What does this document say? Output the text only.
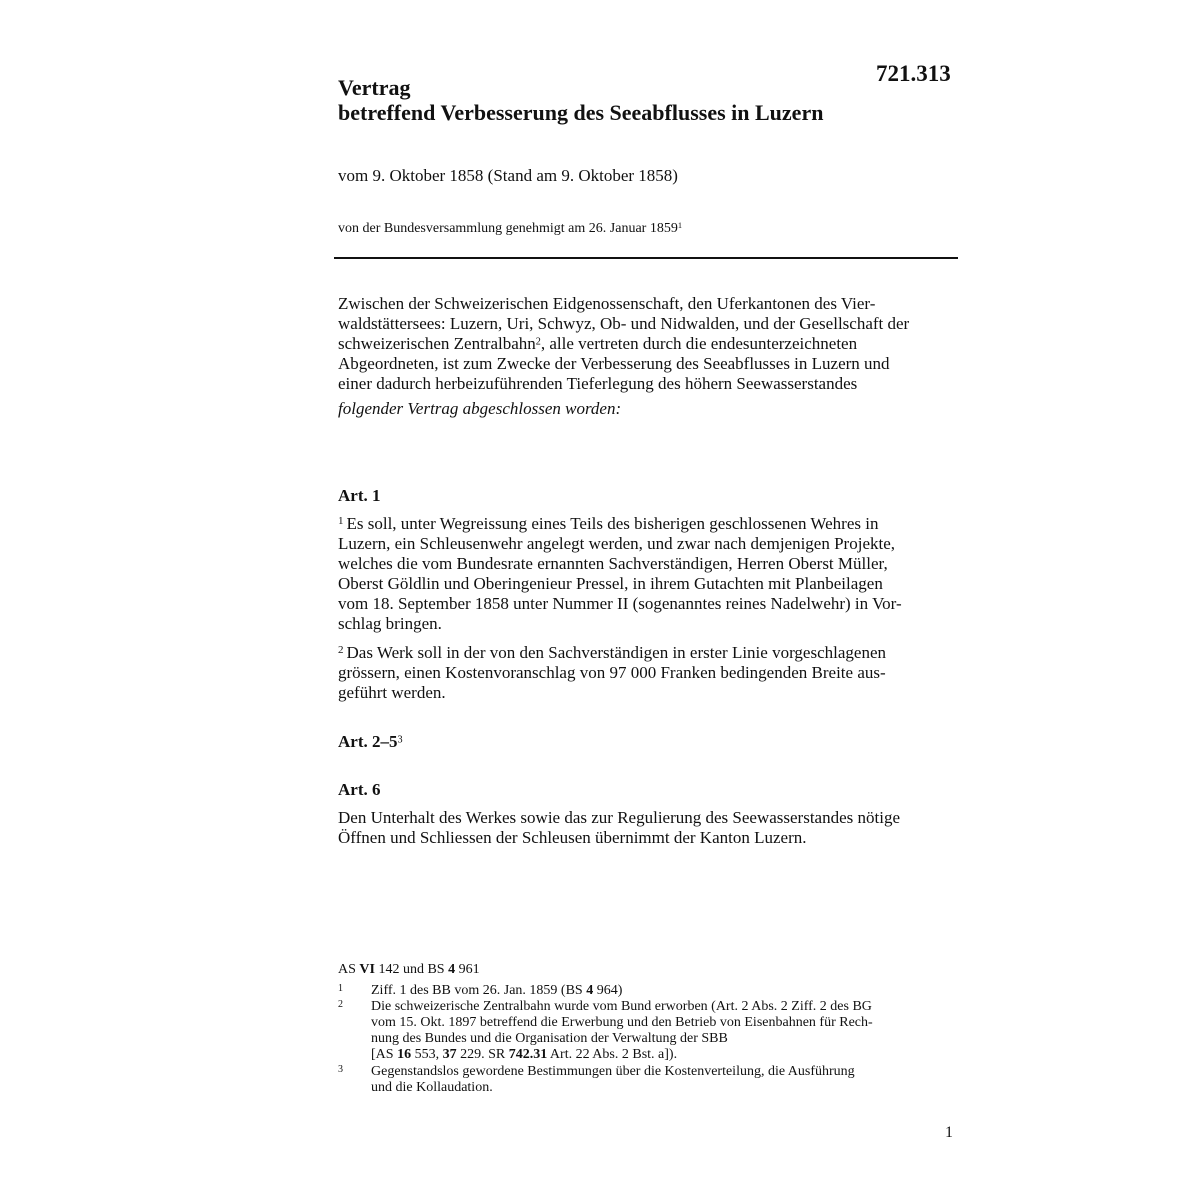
721.313
Vertrag
betreffend Verbesserung des Seeabflusses in Luzern
vom 9. Oktober 1858 (Stand am 9. Oktober 1858)
von der Bundesversammlung genehmigt am 26. Januar 1859$^1$
Zwischen der Schweizerischen Eidgenossenschaft, den Uferkantonen des Vier-
waldstättersees: Luzern, Uri, Schwyz, Ob- und Nidwalden, und der Gesellschaft der
schweizerischen Zentralbahn$^2$, alle vertreten durch die endesunterzeichneten
Abgeordneten, ist zum Zwecke der Verbesserung des Seeabflusses in Luzern und
einer dadurch herbeizuführenden Tieferlegung des höhern Seewasserstandes
folgender Vertrag abgeschlossen worden:
Art. 1
$^1$ Es soll, unter Wegreissung eines Teils des bisherigen geschlossenen Wehres in
Luzern, ein Schleusenwehr angelegt werden, und zwar nach demjenigen Projekte,
welches die vom Bundesrate ernannten Sachverständigen, Herren Oberst Müller,
Oberst Göldlin und Oberingenieur Pressel, in ihrem Gutachten mit Planbeilagen
vom 18. September 1858 unter Nummer II (sogenanntes reines Nadelwehr) in Vor-
schlag bringen.
$^2$ Das Werk soll in der von den Sachverständigen in erster Linie vorgeschlagenen
grössern, einen Kostenvoranschlag von 97 000 Franken bedingenden Breite aus-
geführt werden.
Art. $2-5^3$
Art. 6
Den Unterhalt des Werkes sowie das zur Regulierung des Seewasserstandes nötige
Öffnen und Schliessen der Schleusen übernimmt der Kanton Luzern.
AS VI 142 und BS 4 961
1 Ziff. 1 des BB vom 26. Jan. 1859 (BS 4 964)
2 Die schweizerische Zentralbahn wurde vom Bund erworben (Art. 2 Abs. 2 Ziff. 2 des BG
vom 15. Okt. 1897 betreffend die Erwerbung und den Betrieb von Eisenbahnen für Rech-
nung des Bundes und die Organisation der Verwaltung der SBB
[AS 16 553, 37 229. SR 742.31 Art. 22 Abs. 2 Bst. a]).
3 Gegenstandslos gewordene Bestimmungen über die Kostenverteilung, die Ausführung
und die Kollaudation.
1
